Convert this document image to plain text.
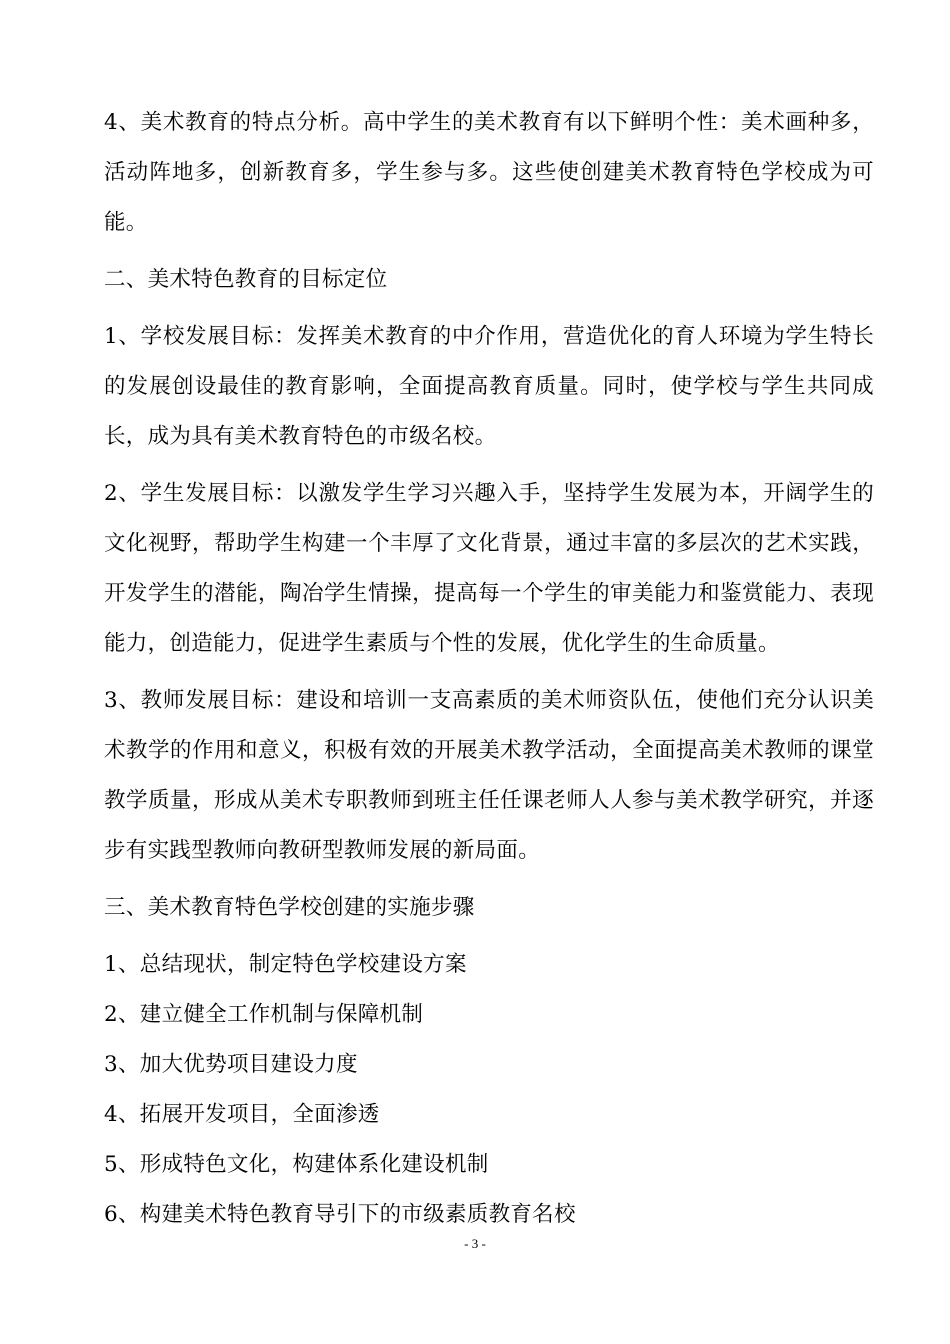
4、美术教育的特点分析。高中学生的美术教育有以下鲜明个性：美术画种多，活动阵地多，创新教育多，学生参与多。这些使创建美术教育特色学校成为可能。

二、美术特色教育的目标定位

1、学校发展目标：发挥美术教育的中介作用，营造优化的育人环境为学生特长的发展创设最佳的教育影响，全面提高教育质量。同时，使学校与学生共同成长，成为具有美术教育特色的市级名校。

2、学生发展目标：以激发学生学习兴趣入手，坚持学生发展为本，开阔学生的文化视野，帮助学生构建一个丰厚了文化背景，通过丰富的多层次的艺术实践，开发学生的潜能，陶冶学生情操，提高每一个学生的审美能力和鉴赏能力、表现能力，创造能力，促进学生素质与个性的发展，优化学生的生命质量。

3、教师发展目标：建设和培训一支高素质的美术师资队伍，使他们充分认识美术教学的作用和意义，积极有效的开展美术教学活动，全面提高美术教师的课堂教学质量，形成从美术专职教师到班主任任课老师人人参与美术教学研究，并逐步有实践型教师向教研型教师发展的新局面。

三、美术教育特色学校创建的实施步骤

1、总结现状，制定特色学校建设方案

2、建立健全工作机制与保障机制

3、加大优势项目建设力度

4、拓展开发项目，全面渗透

5、形成特色文化，构建体系化建设机制

6、构建美术特色教育导引下的市级素质教育名校

- 3 -
